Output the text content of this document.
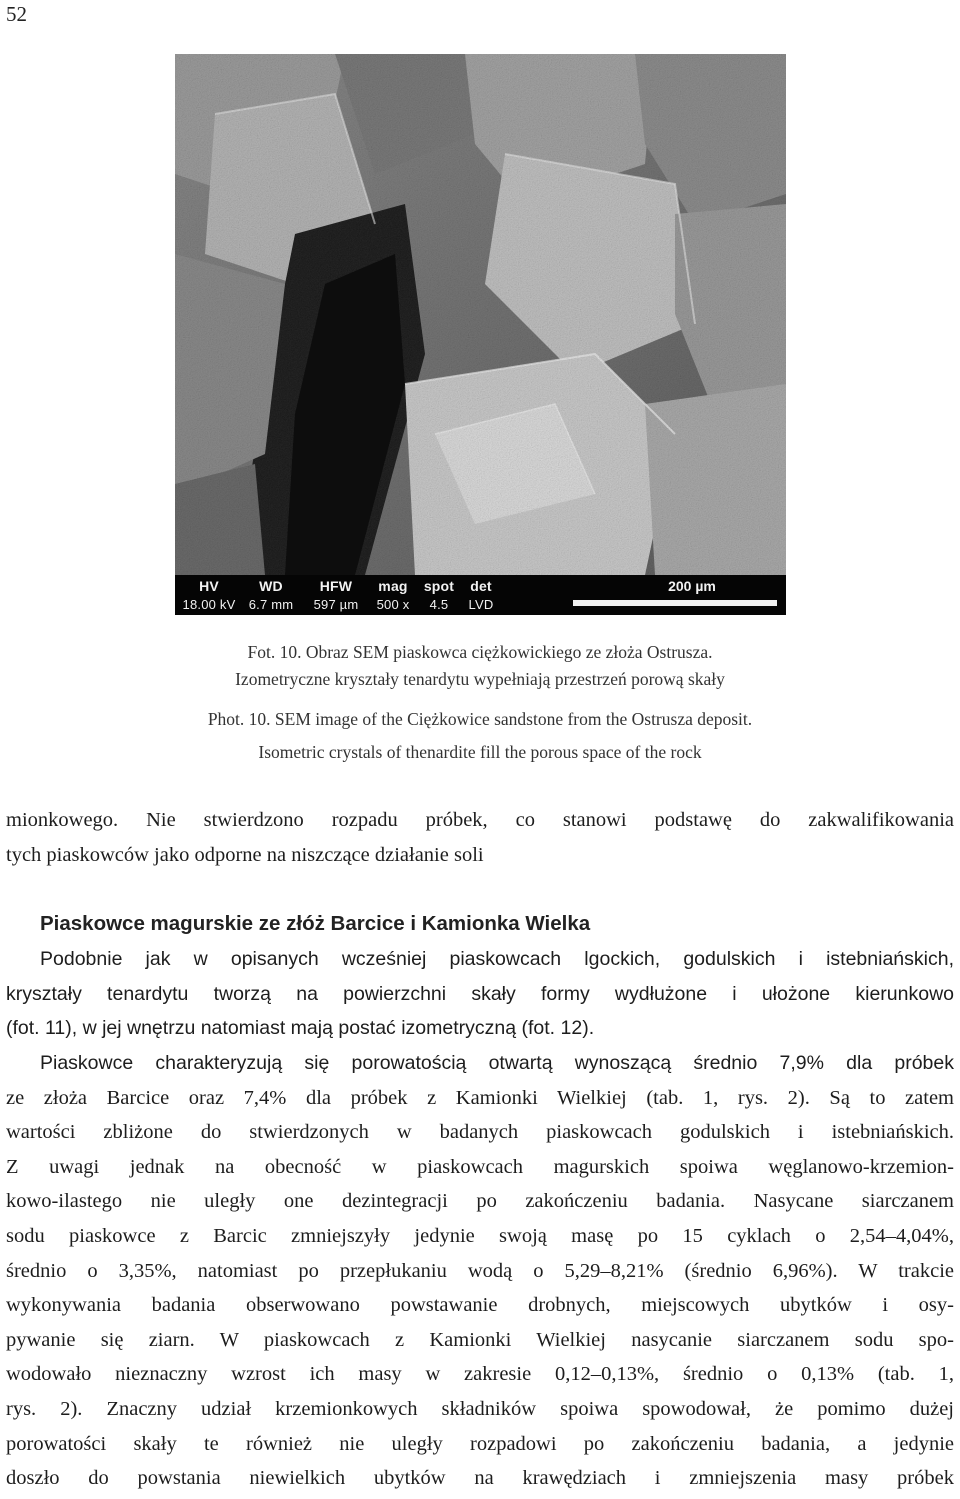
52
HV	WD	HFW	mag	spot	det
18.00 kV	6.7 mm	597 µm	500 x	4.5	LVD
200 µm
Fot. 10. Obraz SEM piaskowca ciężkowickiego ze złoża Ostrusza.
Izometryczne kryształy tenardytu wypełniają przestrzeń porową skały
Phot. 10. SEM image of the Ciężkowice sandstone from the Ostrusza deposit.
Isometric crystals of thenardite fill the porous space of the rock
mionkowego. Nie stwierdzono rozpadu próbek, co stanowi podstawę do zakwalifikowania
tych piaskowców jako odporne na niszczące działanie soli
Piaskowce magurskie ze złóż Barcice i Kamionka Wielka
Podobnie jak w opisanych wcześniej piaskowcach lgockich, godulskich i istebniańskich,
kryształy tenardytu tworzą na powierzchni skały formy wydłużone i ułożone kierunkowo
(fot. 11), w jej wnętrzu natomiast mają postać izometryczną (fot. 12).
Piaskowce charakteryzują się porowatością otwartą wynoszącą średnio 7,9% dla próbek
ze złoża Barcice oraz 7,4% dla próbek z Kamionki Wielkiej (tab. 1, rys. 2). Są to zatem
wartości zbliżone do stwierdzonych w badanych piaskowcach godulskich i istebniańskich.
Z uwagi jednak na obecność w piaskowcach magurskich spoiwa węglanowo-krzemion-
kowo-ilastego nie uległy one dezintegracji po zakończeniu badania. Nasycane siarczanem
sodu piaskowce z Barcic zmniejszyły jedynie swoją masę po 15 cyklach o 2,54–4,04%,
średnio o 3,35%, natomiast po przepłukaniu wodą o 5,29–8,21% (średnio 6,96%). W trakcie
wykonywania badania obserwowano powstawanie drobnych, miejscowych ubytków i osy-
pywanie się ziarn. W piaskowcach z Kamionki Wielkiej nasycanie siarczanem sodu spo-
wodowało nieznaczny wzrost ich masy w zakresie 0,12–0,13%, średnio o 0,13% (tab. 1,
rys. 2). Znaczny udział krzemionkowych składników spoiwa spowodował, że pomimo dużej
porowatości skały te również nie uległy rozpadowi po zakończeniu badania, a jedynie
doszło do powstania niewielkich ubytków na krawędziach i zmniejszenia masy próbek
